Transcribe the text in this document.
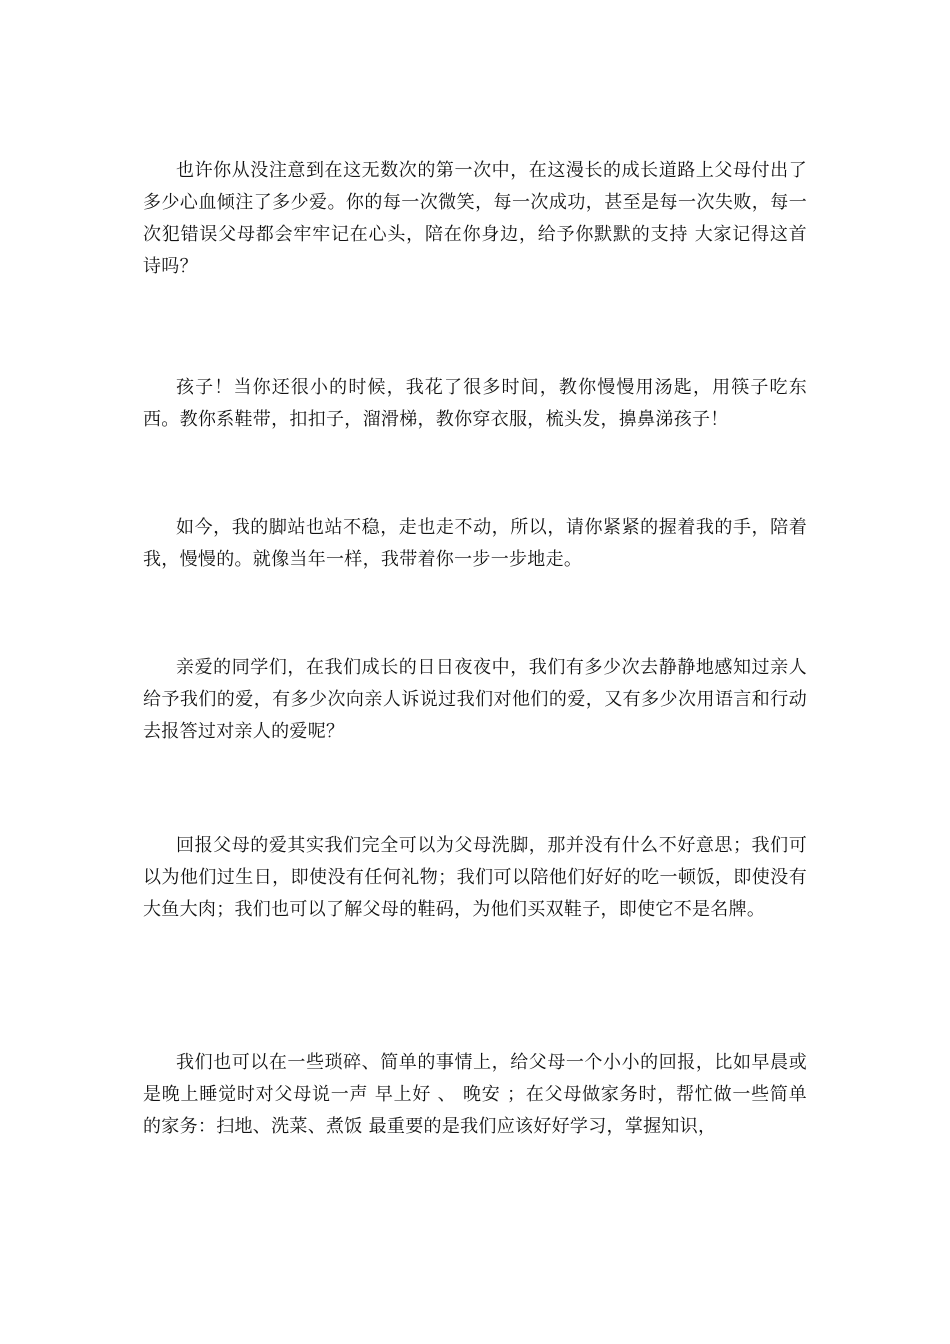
也许你从没注意到在这无数次的第一次中，在这漫长的成长道路上父母付出了多少心血倾注了多少爱。你的每一次微笑，每一次成功，甚至是每一次失败，每一次犯错误父母都会牢牢记在心头，陪在你身边，给予你默默的支持 大家记得这首诗吗？

孩子！当你还很小的时候，我花了很多时间，教你慢慢用汤匙，用筷子吃东西。教你系鞋带，扣扣子，溜滑梯，教你穿衣服，梳头发，擤鼻涕孩子！

如今，我的脚站也站不稳，走也走不动，所以，请你紧紧的握着我的手，陪着我，慢慢的。就像当年一样，我带着你一步一步地走。

亲爱的同学们，在我们成长的日日夜夜中，我们有多少次去静静地感知过亲人给予我们的爱，有多少次向亲人诉说过我们对他们的爱，又有多少次用语言和行动去报答过对亲人的爱呢？

回报父母的爱其实我们完全可以为父母洗脚，那并没有什么不好意思；我们可以为他们过生日，即使没有任何礼物；我们可以陪他们好好的吃一顿饭，即使没有大鱼大肉；我们也可以了解父母的鞋码，为他们买双鞋子，即使它不是名牌。

我们也可以在一些琐碎、简单的事情上，给父母一个小小的回报，比如早晨或是晚上睡觉时对父母说一声 早上好 、 晚安 ；在父母做家务时，帮忙做一些简单的家务：扫地、洗菜、煮饭 最重要的是我们应该好好学习，掌握知识，
